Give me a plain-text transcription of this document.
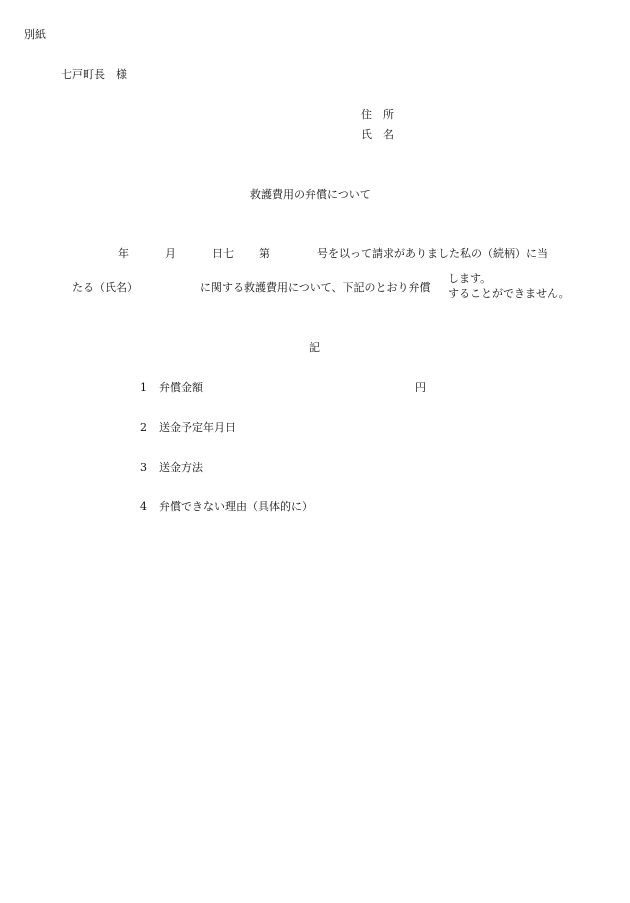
別紙
七戸町長　様
住　所
氏　名
救護費用の弁償について
年	月	日七 第	号を以って請求がありました私の（続柄）に当
たる（氏名）	に関する救護費用について、下記のとおり弁償
します。
することができません。
記
1 弁償金額	円
2 送金予定年月日
3 送金方法
4 弁償できない理由（具体的に）
